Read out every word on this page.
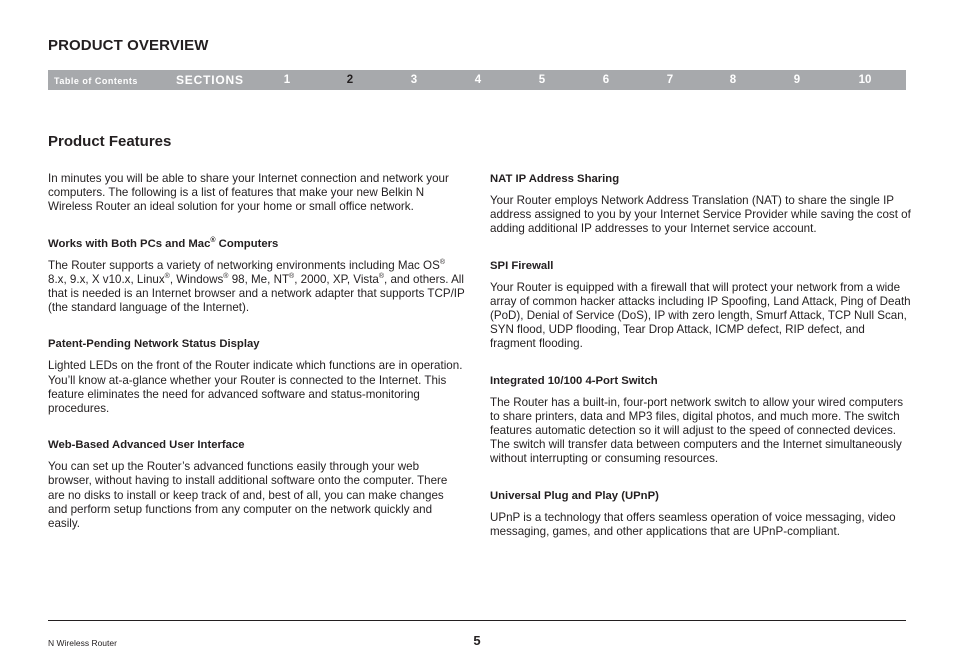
PRODUCT OVERVIEW
Table of Contents	SECTIONS	1	2	3	4	5	6	7	8	9	10
Product Features

In minutes you will be able to share your Internet connection and network your computers. The following is a list of features that make your new Belkin N Wireless Router an ideal solution for your home or small office network.

Works with Both PCs and Mac® Computers

The Router supports a variety of networking environments including Mac OS® 8.x, 9.x, X v10.x, Linux®, Windows® 98, Me, NT®, 2000, XP, Vista®, and others. All that is needed is an Internet browser and a network adapter that supports TCP/IP (the standard language of the Internet).

Patent-Pending Network Status Display

Lighted LEDs on the front of the Router indicate which functions are in operation. You’ll know at-a-glance whether your Router is connected to the Internet. This feature eliminates the need for advanced software and status-monitoring procedures.

Web-Based Advanced User Interface

You can set up the Router’s advanced functions easily through your web browser, without having to install additional software onto the computer. There are no disks to install or keep track of and, best of all, you can make changes and perform setup functions from any computer on the network quickly and easily.

NAT IP Address Sharing

Your Router employs Network Address Translation (NAT) to share the single IP address assigned to you by your Internet Service Provider while saving the cost of adding additional IP addresses to your Internet service account.

SPI Firewall

Your Router is equipped with a firewall that will protect your network from a wide array of common hacker attacks including IP Spoofing, Land Attack, Ping of Death (PoD), Denial of Service (DoS), IP with zero length, Smurf Attack, TCP Null Scan, SYN flood, UDP flooding, Tear Drop Attack, ICMP defect, RIP defect, and fragment flooding.

Integrated 10/100 4-Port Switch

The Router has a built-in, four-port network switch to allow your wired computers to share printers, data and MP3 files, digital photos, and much more. The switch features automatic detection so it will adjust to the speed of connected devices. The switch will transfer data between computers and the Internet simultaneously without interrupting or consuming resources.

Universal Plug and Play (UPnP)

UPnP is a technology that offers seamless operation of voice messaging, video messaging, games, and other applications that are UPnP-compliant.

N Wireless Router	5
